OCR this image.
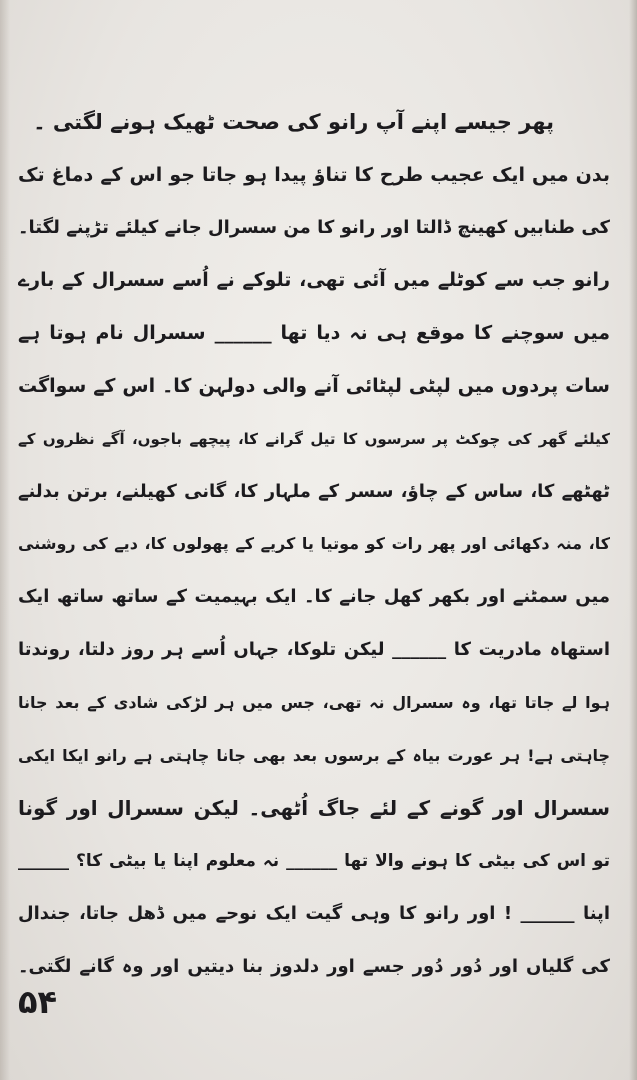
پھر جیسے اپنے آپ رانو کی صحت ٹھیک ہونے لگتی ۔
بدن میں ایک عجیب طرح کا تناؤ پیدا ہو جاتا جو اس کے دماغ تک
کی طنابیں کھینچ ڈالتا اور رانو کا من سسرال جانے کیلئے تڑپنے لگتا۔
رانو جب سے کوٹلے میں آئی تھی، تلوکے نے اُسے سسرال کے بارے
میں سوچنے کا موقع ہی نہ دیا تھا ______ سسرال نام ہوتا ہے
سات پردوں میں لپٹی لپٹائی آنے والی دولہن کا۔ اس کے سواگت
کیلئے گھر کی چوکٹ پر سرسوں کا تیل گرانے کا، پیچھے باجوں، آگے نظروں کے
ٹھٹھے کا، ساس کے چاؤ، سسر کے ملہار کا، گانی کھیلنے، برتن بدلنے
کا، منہ دکھائی اور پھر رات کو موتیا یا کریے کے پھولوں کا، دیے کی روشنی
میں سمٹنے اور بکھر کھل جانے کا۔ ایک بہیمیت کے ساتھ ساتھ ایک
استھاہ مادریت کا ______ لیکن تلوکا، جہاں اُسے ہر روز دلتا، روندتا
ہوا لے جاتا تھا، وہ سسرال نہ تھی، جس میں ہر لڑکی شادی کے بعد جانا
چاہتی ہے! ہر عورت بیاہ کے برسوں بعد بھی جانا چاہتی ہے رانو ایکا ایکی
سسرال اور گونے کے لئے جاگ اُٹھی۔ لیکن سسرال اور گونا
تو اس کی بیٹی کا ہونے والا تھا ______ نہ معلوم اپنا یا بیٹی کا؟ ______
اپنا ______ ! اور رانو کا وہی گیت ایک نوحے میں ڈھل جاتا، جندال
کی گلیاں اور دُور دُور جسے اور دلدوز بنا دیتیں اور وہ گانے لگتی۔
۵۴
